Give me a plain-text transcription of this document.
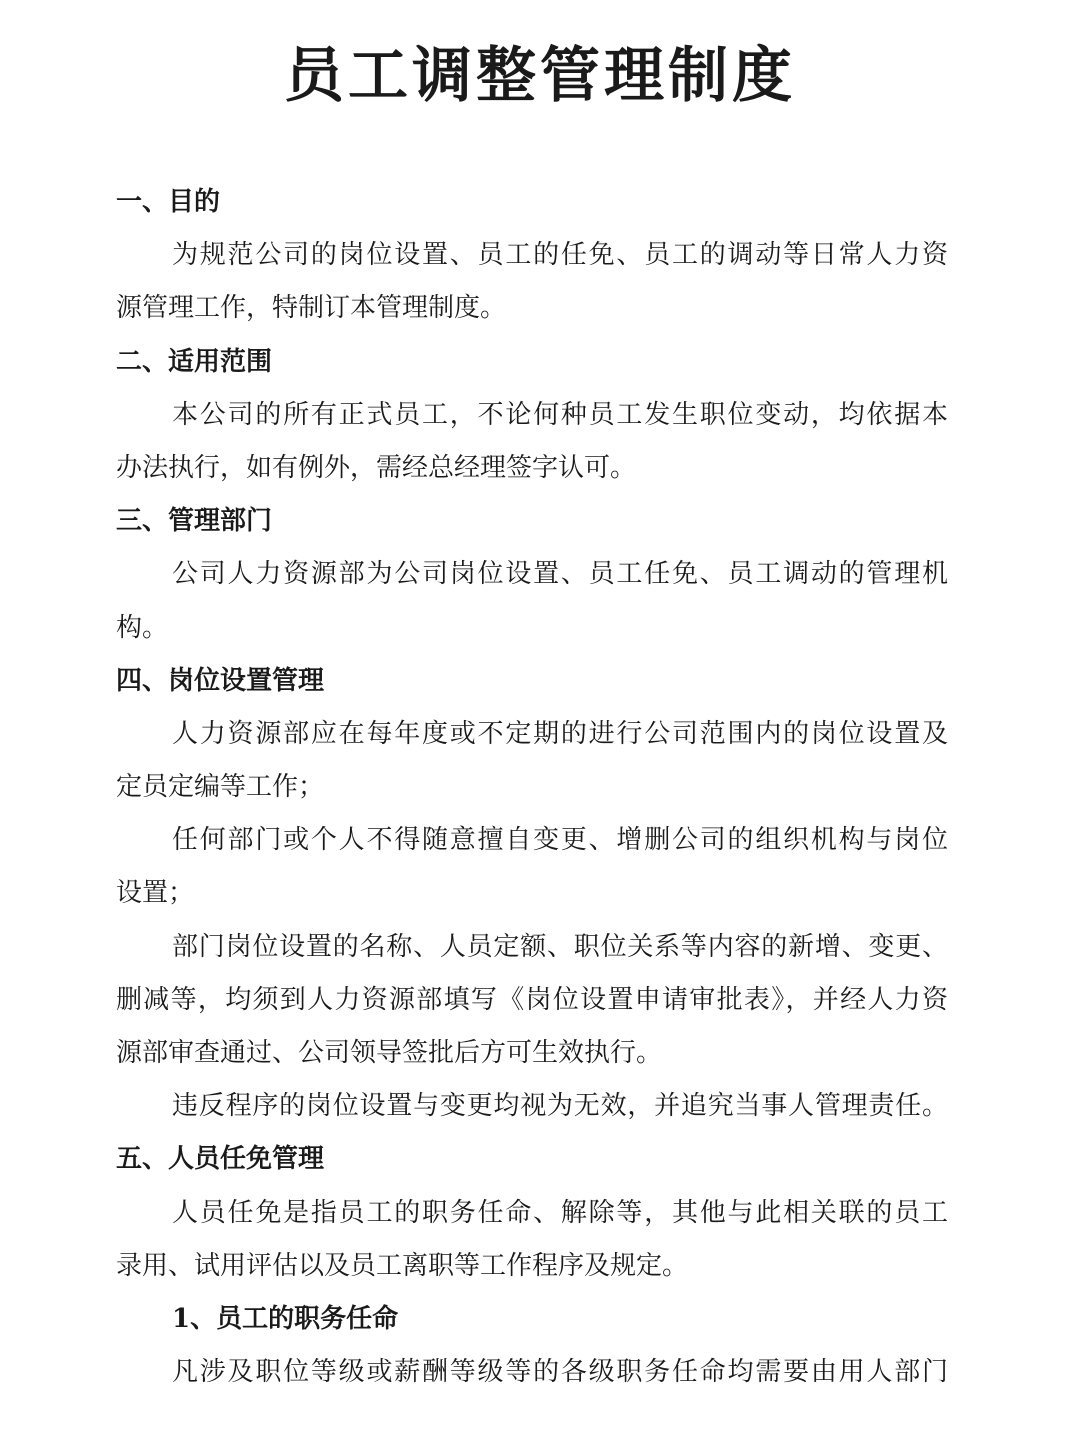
员工调整管理制度
一、目的
为规范公司的岗位设置、员工的任免、员工的调动等日常人力资
源管理工作，特制订本管理制度。
二、适用范围
本公司的所有正式员工，不论何种员工发生职位变动，均依据本
办法执行，如有例外，需经总经理签字认可。
三、管理部门
公司人力资源部为公司岗位设置、员工任免、员工调动的管理机
构。
四、岗位设置管理
人力资源部应在每年度或不定期的进行公司范围内的岗位设置及
定员定编等工作；
任何部门或个人不得随意擅自变更、增删公司的组织机构与岗位
设置；
部门岗位设置的名称、人员定额、职位关系等内容的新增、变更、
删减等，均须到人力资源部填写《岗位设置申请审批表》，并经人力资
源部审查通过、公司领导签批后方可生效执行。
违反程序的岗位设置与变更均视为无效，并追究当事人管理责任。
五、人员任免管理
人员任免是指员工的职务任命、解除等，其他与此相关联的员工
录用、试用评估以及员工离职等工作程序及规定。
1、员工的职务任命
凡涉及职位等级或薪酬等级等的各级职务任命均需要由用人部门
